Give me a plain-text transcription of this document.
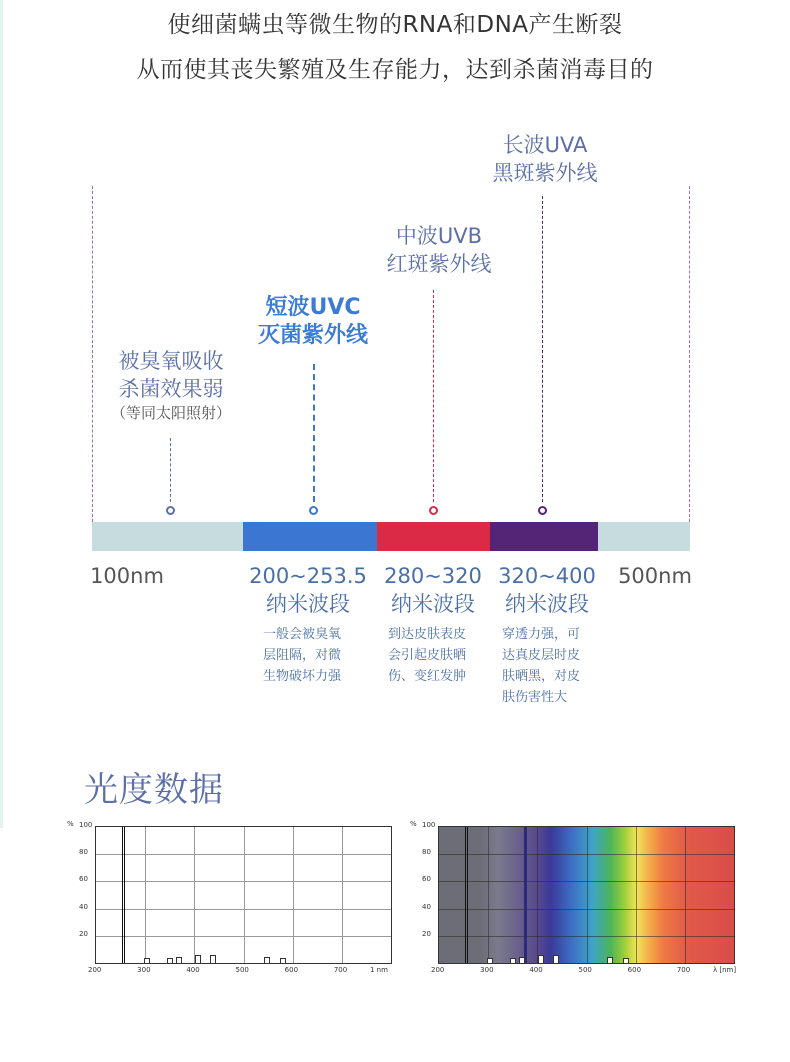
使细菌螨虫等微生物的RNA和DNA产生断裂
从而使其丧失繁殖及生存能力，达到杀菌消毒目的
长波UVA
黑斑紫外线
中波UVB
红斑紫外线
短波UVC
灭菌紫外线
被臭氧吸收
杀菌效果弱
（等同太阳照射）
100nm	200~253.5
纳米波段
280~320
纳米波段
320~400
纳米波段
500nm
一般会被臭氧
层阻隔，对微
生物破坏力强
到达皮肤表皮
会引起皮肤晒
伤、变红发肿
穿透力强，可
达真皮层时皮
肤晒黑，对皮
肤伤害性大
光度数据
100
80
60
40
20
%
200	300	400	500	600	700	1 nm
100
80
60
40
20
%
200	300	400	500	600	700	λ [nm]
